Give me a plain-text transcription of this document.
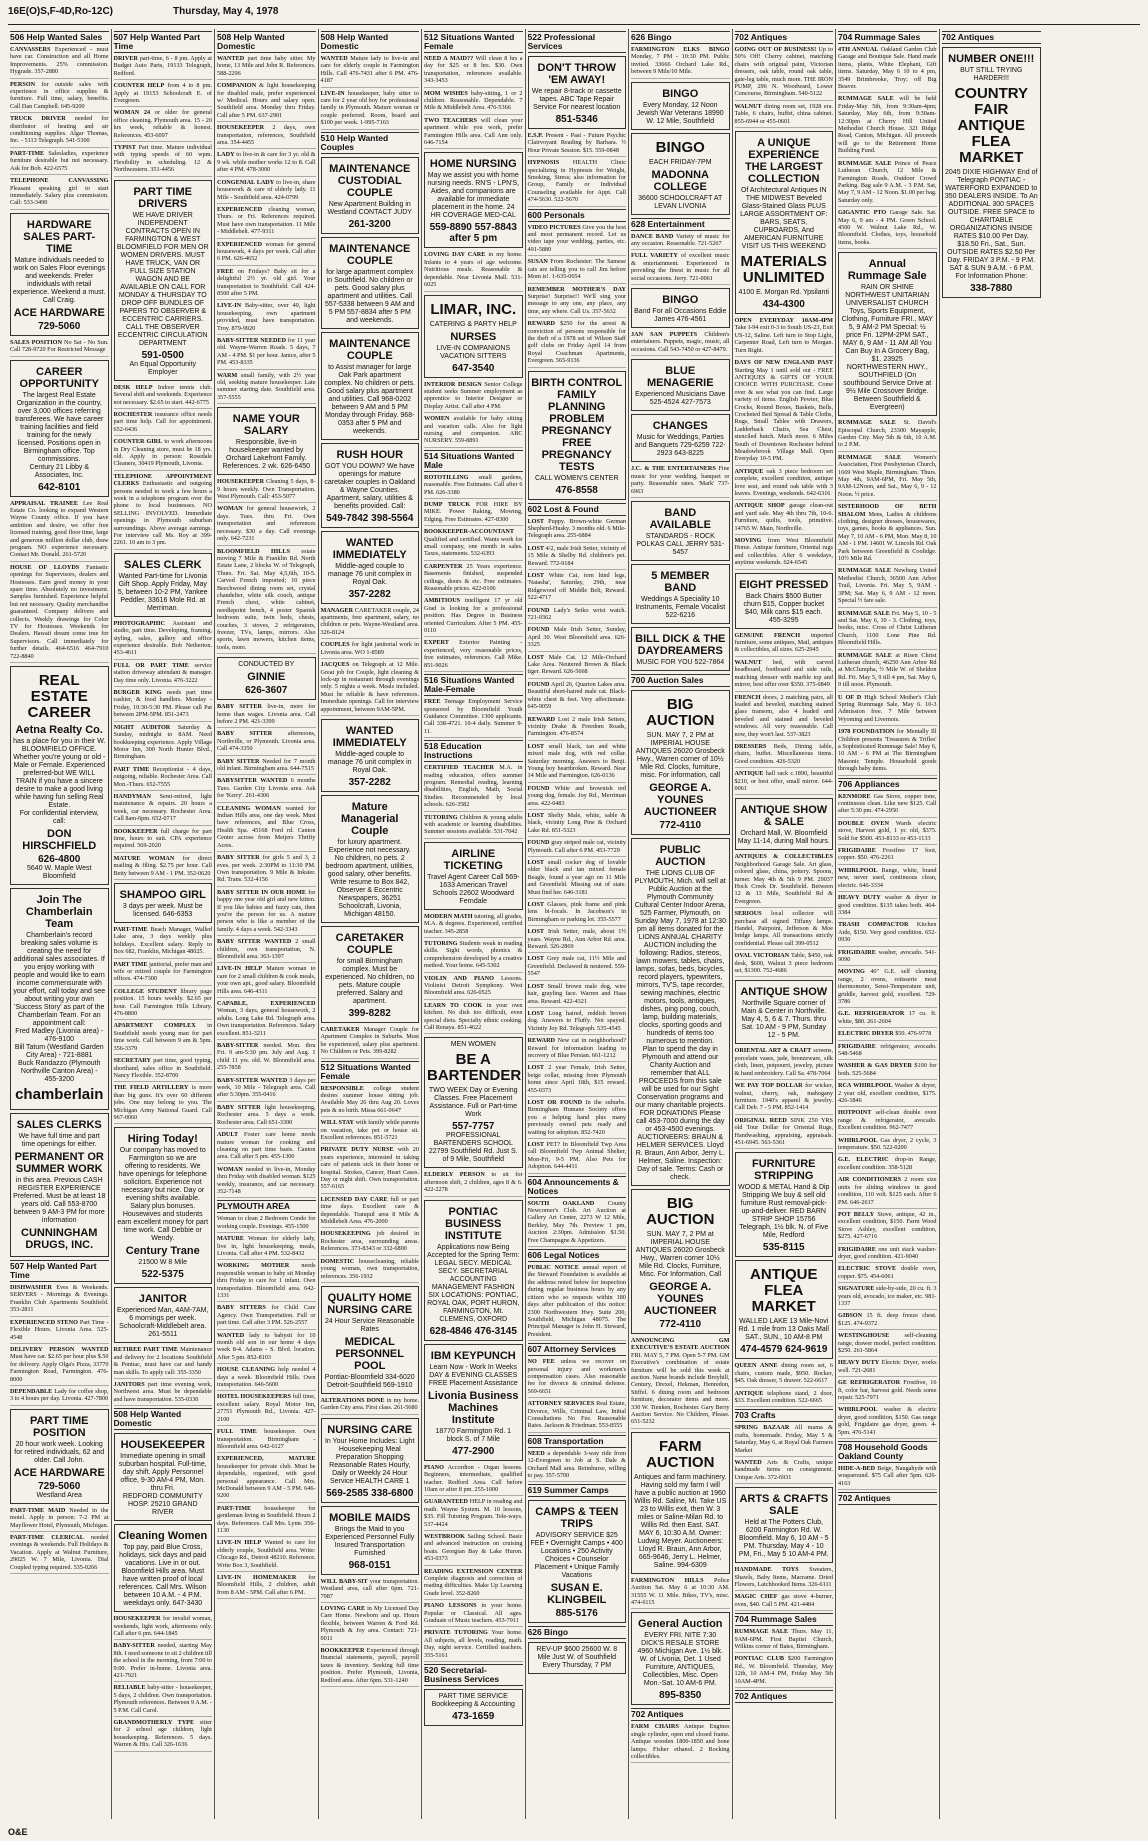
16E(O)S,F-4D,Ro-12C)	Thursday, May 4, 1978
506 Help Wanted Sales
CANVASSERS Experienced - must have car. Construction and all Home Improvements. 25% commission. Hygrade. 357-2880
PERSON for outside sales with experience in office supplies & furniture. Full time, salary, benefits. Call Dan Campbell. 645-9200
TRUCK DRIVER needed for distributor of heating and air conditioning supplies. Algar Thomas, Inc. - 5113 Telegraph. 541-5300
PART-TIME Salesladies, experience furniture desirable but not necessary. Ask for Bob. 422-6575
TELEPHONE CANVASSING Pleasant speaking girl to start immediately. Salary plus commission. Call: 533-3490
HARDWARE SALES PART-TIME
Mature individuals needed to work on Sales Floor evenings and weekends. Prefer individuals with retail experience. Weekend a must. Call Craig.
ACE HARDWARE
729-5060
SALES POSITION No Sat - No Sun. Call 728-9720 For Restricted Message
CAREER OPPORTUNITY
The largest Real Estate Organization in the country, over 3,000 offices referring transferees. We have career training facilities and field training for the newly licensed. Positions open in Birmingham office. Top commissions.
Century 21 Libby & Associates, Inc.
642-8101
APPRAISAL TRAINEE Lee Real Estate Co. looking to expand Western Wayne County office. If you have ambition and desire, we offer free licensed training, good floor time, large and generous million dollar club, draw program. NO experience necessary. Contact Mr. Donald. 261-5720
HOUSE OF LLOYDS Fantastic openings for Supervisors, dealers and Hostesses. Earn good money in your spare time. Absolutely no investment. Samples furnished. Experience helpful but not necessary. Quality merchandise guaranteed. Company delivers and collects. Weekly drawings for Color TV for Hostesses. Weekends for Dealers. Hawaii dream come true for Supervisors. Call immediately for further details. 464-6516 464-7910 722-8840
REAL ESTATE CAREER
Aetna Realty Co.
has a place for you in their W. BLOOMFIELD OFFICE. Whether you're young or old - Male or Female. Experienced preferred-but WE WILL TRAIN if you have a sincere desire to make a good living while having fun selling Real Estate.
For confidential interview, call:
DON HIRSCHFIELD
626-4800
5640 W. Maple West Bloomfield
Join The Chamberlain Team
Chamberlain's record breaking sales volume is creating the need for additional sales associates. If you enjoy working with people and would like to earn income commensurate with your effort, call today and see about writing your own 'Success Story' as part of the Chamberlain Team. For an appointment call:
Fred Madley (Livonia area) - 476-9100
Bill Tatum (Westland Garden City Area) - 721-8881
Buck Randazzo (Plymouth Northville Canton Area) - 455-3200
chamberlain
SALES CLERKS
We have full time and part time openings for either.
PERMANENT OR SUMMER WORK
in this area. Previous CASH REGISTER EXPERIENCE Preferred. Must be at least 18 years old. Call 553-8700 between 9 AM-3 PM for more information
CUNNINGHAM DRUGS, INC.
507 Help Wanted Part Time
DISHWASHER Eves & Weekends. SERVERS - Mornings & Evenings. Franklin Club Apartments Southfield. 353-2811
EXPERIENCED STENO Part Time - Flexible Hours. Livonia Area. 525-4548
DELIVERY PERSON WANTED Must have car. $2.65 per hour plus $.50 for delivery. Apply Olga's Pizza, 33770 Farmington Road, Farmington. 476-8000
DEPENDABLE Lady for coffee shop, 3 to 4 hours per day. Livonia. 427-7800
PART TIME POSITION
20 hour work week. Looking for retired individuals, 62 and older. Call John.
ACE HARDWARE
729-5060
Westland Area
PART-TIME MAID Needed in the motel. Apply in person: 7-2 PM at Mayflower Hotel, Plymouth, Michigan.
PART-TIME CLERICAL needed evenings & weekends. Full Holidays & Vacation. Apply at Walnut Furniture, 29025 W. 7 Mile, Livonia. Dial Coupled typing required. 535-0266
507 Help Wanted Part Time
DRIVER part-time, 6 - 8 pm. Apply at Budget Auto Parts, 19133 Telegraph, Redford.
COUNTER HELP from 4 to 8 pm. Apply at 19153 Schoolcraft E. of Evergreen.
WOMAN 24 or older for general office cleaning. Plymouth area. 15 - 20 hrs week, reliable & honest. References. 453-6097
TYPIST Part time. Mature individual with typing speeds of 60 wpm. Flexibility in scheduling. 12 & Northwestern. 351-4456
PART TIME DRIVERS
WE HAVE DRIVER INDEPENDENT CONTRACTS OPEN IN FARMINGTON & WEST BLOOMFIELD FOR MEN OR WOMEN DRIVERS. MUST HAVE TRUCK, VAN OR FULL SIZE STATION WAGON AND BE AVAILABLE ON CALL FOR MONDAY & THURSDAY TO DROP OFF BUNDLES OF PAPERS TO OBSERVER & ECCENTRIC CARRIERS.
CALL THE OBSERVER ECCENTRIC CIRCULATION DEPARTMENT
591-0500
An Equal Opportunity Employer
DESK HELP Indoor tennis club. Several shift and weekends. Experience not necessary. $2.65 to start. 442-6775
ROCHESTER insurance office needs part time help. Call for appointment. 652-6436
COUNTER GIRL to work afternoons in Dry Cleaning store, must be 18 yrs. old. Apply in person: Rosedale Cleaners, 30419 Plymouth, Livonia.
TELEPHONE APPOINTMENT CLERKS Enthusiastic and outgoing persons needed to work a few hours a week in a telephone program over the phone to local businesses. NO SELLING INVOLVED. Immediate openings in Plymouth suburban surroundings. Above average earnings. For interview call Ms. Roy at 399-2261. 10 am to 3 pm.
SALES CLERK
Wanted Part-time for Livonia Gift Shop. Apply Friday, May 5, between 10-2 PM, Yankee Peddler, 33616 Mole Rd. at Merriman.
PHOTOGRAPHIC Assistant and studio, part time. Developing, framing, styling, sales, gallery and office experience desirable. Bob Netherton. 453-4611
FULL OR PART TIME service station driveway attendant & manager. Day time only. Livonia. 476-3222
BURGER KING needs part time cashier, & food handlers. Monday - Friday, 10:30-5:30 PM. Please call Pat between 2PM-5PM. 851-2473
NIGHT AUDITOR Saturday & Sunday, midnight to 8AM. Need bookkeeping experience. Apply Village Motor Inn, 300 North Hunter Blvd., Birmingham.
PART TIME Receptionist - 4 days, outgoing, reliable. Rochester Area. Call Mon.-Thurs. 652-7555
HANDYMAN Semi-retired, light maintenance & repairs. 20 hours a week, car necessary. Rochester Area. Call 8am-6pm. 652-0717
BOOKKEEPER full charge for part time, hours to suit. CPA experience required. 569-2020
MATURE WOMAN for direct mailing & filing. $2.75 per hour. Call Betty between 9 AM - 1 PM. 352-0620
SHAMPOO GIRL
3 days per week. Must be licensed. 646-6353
PART-TIME Beach Manager, Walled Lake area, 3 days weekly plus holidays. Excellent salary. Reply to Box 682, Franklin, Michigan 48025.
PART TIME janitorial, prefer man and wife or retired couple for Farmington offices. 474-7300
COLLEGE STUDENT library page position. 15 hours weekly. $2.65 per hour. Call Farmington Hills Library. 476-8800
APARTMENT COMPLEX in Southfield needs young man for part time work. Call between 9 am & 5pm. 356-3379
SECRETARY part time, good typing, shorthand, sales office in Southfield. Nancy Flexible. 352-8700
THE FIELD ARTILLERY is more than big guns. It's over 60 different jobs. One may belong to you. The Michigan Army National Guard. Call 967-0060
Hiring Today!
Our company has moved to Farmington so we are offering to residents. We have openings for telephone solicitors. Experience not necessary but nice. Day or evening shifts available. Salary plus bonuses. Housewives and students earn excellent money for part time work. Call Debbie or Wendy.
Century Trane
21500 W 8 Mile
522-5375
JANITOR
Experienced Man, 4AM-7AM, 6 mornings per week. Schoolcraft-Middlebelt area. 261-5511
RETIREE PART TIME Maintenance and delivery for 2 locations Southfield & Pontiac, must have car and handy man skills. To apply call: 355-3350
JANITORS part time evening work, Northwest area. Must be dependable and have transportation. 535-0330
508 Help Wanted Domestic
HOUSEKEEPER
Immediate opening in small suburban hospital. Full-time, day shift. Apply Personnel office, 9-30 AM-4 PM, Mon. thru Fri.
REDFORD COMMUNITY HOSP. 25210 GRAND RIVER
Cleaning Women
Top pay, paid Blue Cross, holidays, sick days and paid vacations. Live in or out. Bloomfield Hills area. Must have written proof of local references. Call Mrs. Wilson between 10 A.M. - 4 P.M. weekdays only. 647-3430
HOUSEKEEPER for invalid woman, weekends, light work, afternoons only. Call after 6 pm. 644-1845
BABY-SITTER needed, starting May 8th. I need someone to sit 2 children till the school in the morning, from 7:00 to 9:00. Prefer in-home. Livonia area. 421-7921
RELIABLE baby-sitter - housekeeper, 5 days, 2 children. Own transportation. Plymouth references. Between 9 A.M. - 5 P.M. Call Carol.
GRANDMOTHERLY TYPE sitter for 2 school age children, light housekeeping. References. 5 days. Warren & Hix. Call 326-1636
508 Help Wanted Domestic
WANTED part time baby sitter. My home, 13 Mile and John R. References. 588-2296
COMPANION & light housekeeping for disabled male, prefer experienced w/ Medical. Hours and salary open. Southfield area. Monday thru Friday. Call after 5 PM. 637-2901
HOUSEKEEPER 2 days, own transportation, references, Southfield area. 354-4455
LADY to live-in & care for 3 yr. old & 9 wk. while mother works 12 to 8. Call after 4 PM. 478-3000
CONGENIAL LADY to live-in, share housework & care of elderly lady. 11 Mile - Southfield area. 424-0799
EXPERIENCED cleaning woman, Thurs. or Fri. References required. Must have own transportation. 11 Mile - Middlebelt. 477-9311
EXPERIENCED woman for general housework, 4 days per week. Call after 6 PM. 626-4652
FREE on Fridays? Baby sit for a delightful 2½ yr. old girl. Your transportation to Southfield. Call 424-8500 after 5 PM.
LIVE-IN Baby-sitter, over 40, light housekeeping, own apartment provided, must have transportation. Troy. 879-9920
BABY-SITTER NEEDED for 11 year old. Wayne-Warren Roads. 5 days, 7 AM - 4 PM. $1 per hour. Janice, after 5 PM. 453-8335
WARM small family, with 2½ year old, seeking mature housekeeper. Late summer starting date. Southfield area. 357-5555
NAME YOUR SALARY
Responsible, live-in housekeeper wanted by Orchard Lakefront Family. References. 2 wk. 626-6450
HOUSEKEEPER Cleaning 5 days, 8-9 hours weekly. Own Transportation. West Plymouth. Call: 453-5077
WOMAN for general housework, 2 days. Tues. thru Fri. Own transportation and references necessary. $30 a day. Call evenings only. 642-7231
BLOOMFIELD HILLS estate moving 7 Mile & Franklin Rd. North Estate Lane, 2 blocks W. of Telegraph, Thurs. Fri. Sat. May 4,5,6th, 10-5. Carved French imported; 10 piece Beechwood dining room set, crystal chandelier, white silk couch, antique French chest, white cabinet, needlepoint bench, 4 poster Spanish bedroom suite, twin beds, chests, couches, 3 stoves, 2 refrigerators, freezer, TVs, lamps, mirrors. Also sports, lawn mowers, kitchen items, tools, more.
CONDUCTED BY
GINNIE
626-3607
BABY SITTER live-in, more for home than wages. Livonia area. Call before 2 PM. 421-3399
BABY SITTER	afternoons, Northville, or Plymouth. Livonia area. Call 474-3350
BABY SITTER Needed for 7 month old infant. Birmingham area. 644-7515
BABYSITTER WANTED 6 months Tues. Garden City Livonia area. Ask for 'Kerry'. 261-4306
CLEANING WOMAN wanted for Indian Hills area, one day week. Must have references, and Blue Cross, Health Spa. 45168 Ford rd. Canton Center across from Meijers Thrifty Acres.
BABY SITTER for girls 5 and 3, 2 eves. per week. 2:30PM to 11:30 PM. Own transportation. 9 Mile & Inkster. Rd. Trans. 532-4156
BABY SITTER IN OUR HOME for happy one year old girl and new kitten. If you like babies and fuzzy cats, then you're the person for us. A mature person who is like a member of the family. 4 days a week. 542-3343
BABY SITTER WANTED 2 small children, own transportation, N. Bloomfield area. 363-1397
LIVE-IN HELP Mature woman to care for 2 small children & cook meals, your own apt., good salary. Bloomfield Hills area. 646-4311
CAPABLE, EXPERIENCED Woman, 3 days, general housework, 2 adults. Long Lake Rd. Telegraph area. Own transportation. References. Salary excellent. 851-3211
BABY-SITTER needed. Mon. thru Fri. 9 am-5:30 pm. July and Aug. 1 child 11 yrs. old. W. Bloomfield area. 255-7858
BABY-SITTER WANTED 3 days per week, 10 Mile - Telegraph area. Call after 5:30pm. 355-0416
BABY SITTER light housekeeping, Rochester area. 5 days a week. Rochester area. Call 651-3300
ADULT Foster care home needs mature woman for cooking and cleaning on part time basis. Canton area. Call after 5 pm. 455-1300
WOMAN needed to live-in, Monday thru Friday with disabled woman. $125 weekly, insurance, and car necessary. 352-7148
PLYMOUTH AREA
Woman to clean 2 Bedroom Condo for working couple. Evenings. 455-1500
MATURE Woman for elderly lady, live in, light housekeeping, meals, Livonia. Call after 4 PM. 532-8432
WORKING MOTHER needs responsible woman to baby sit Monday thru Friday to care for 1 infant. Own transportation. Bloomfield area. 642-1331
BABY SITTERS for Child Care Agency. Own Transportation. Full or part time. Call after 3 PM. 526-2557
WANTED lady to babysit for 10 month old son in our home 4 days week 8-4. Adams - S. Blvd. location. After 5 pm. 852-8103
HOUSE CLEANING help needed 4 days a week. Bloomfield Hills. Own transportation. 646-5600
HOTEL HOUSEKEEPERS full time, excellent salary. Royal Motor Inn, 27751 Plymouth Rd., Livonia. 427-2100
FULL TIME housekeeper. Own transportation. Birmingham - Bloomfield area. 642-6127
EXPERIENCED, MATURE housekeeper for private club. Must be dependable, organized, with good personal appearance. Call Mrs. McDonald between 9 AM - 5 PM. 646-9200
PART-TIME housekeeper for gentleman living in Southfield. Hours 2 days. References. Call Mrs. Lynn. 356-1130
LIVE-IN HELP Wanted to care for elderly couple, Southfield area. Write: Chicago Rd., Detroit 48210. Reference. Write Box 3, Southfield.
LIVE-IN HOMEMAKER for Bloomfield Hills, 2 children, adult from 8 AM - 5PM. Call after 6 PM.
508 Help Wanted Domestic
WANTED Mature lady to live-in and care for elderly couple in Farmington Hills. Call 476-7431 after 6 PM. 476-4187
LIVE-IN housekeeper, baby sitter to care for 2 year old boy for professional family in Plymouth. Mature woman or couple preferred. Room, board and $100 per week. 1-995-7163
510 Help Wanted Couples
MAINTENANCE CUSTODIAL COUPLE
New Apartment Building in Westland CONTACT JUDY
261-3200
MAINTENANCE COUPLE
for large apartment complex in Southfield. No children or pets. Good salary plus apartment and utilities. Call 557-5338 between 9 AM and 5 PM 557-8834 after 5 PM and weekends.
MAINTENANCE COUPLE
to Assist manager for large Oak Park apartment complex. No children or pets. Good salary plus apartment and utilities. Call 968-0202 between 9 AM and 5 PM Monday through Friday. 968-0353 after 5 PM and weekends.
RUSH HOUR
GOT YOU DOWN? We have openings for mature caretaker couples in Oakland & Wayne Counties. Apartment, salary, utilities & benefits provided. Call:
549-7842 398-5564
WANTED IMMEDIATELY
Middle-aged couple to manage 76 unit complex in Royal Oak.
357-2282
MANAGER CARETAKER couple, 24 apartments, free apartment, salary, no children or pets. Wayne-Westland area. 326-8124
COUPLES for light janitorial work in Livonia area. WO 1-8589
JACQUES on Telegraph at 12 Mile. Great job for Couple, light cleaning & lock-up in restaurant through evenings only. 5 nights a week. Meals included. Must be reliable & have references. Immediate openings. Call for interview appointment, between 9AM-5PM.
WANTED IMMEDIATELY
Middle-aged couple to manage 76 unit complex in Royal Oak.
357-2282
Mature Managerial Couple
for luxury apartment. Experience not necessary. No children, no pets. 2 bedroom apartment, utilities, good salary, other benefits. Write resume to Box 842, Observer & Eccentric Newspapers, 36251 Schoolcraft, Livonia, Michigan 48150.
CARETAKER COUPLE
for small Birmingham complex. Must be experienced. No children, no pets. Mature couple preferred. Salary and apartment.
399-8282
CARETAKER Manager Couple for Apartment Complex in Suburbs. Must be experienced, salary plus apartment. No Children or Pets. 399-8282
512 Situations Wanted Female
RESPONSIBLE college student desires summer house sitting job. Available May 26 thru Aug 20. Loves pets & no birth. Missa 661-0647
WILL STAY with family while parents on vacation, take pet or house sit. Excellent references. 851-5721
PRIVATE DUTY NURSE with 20 years experience, interested in taking care of patients sick in their home or hospital. Strokes, Cancer, Heart Cases. Day or night shift. Own transportation. 557-6165
LICENSED DAY CARE full or part time days. Excellent care & dependable. Tranquil area 8 Mile & Middlebelt Area. 476-2000
HOUSEKEEPING job desired in Rochester area, surrounding areas. References. 373-8343 or 332-6800
DOMESTIC housecleaning, reliable young woman, own transportation, references. 356-1932
QUALITY HOME NURSING CARE
24 Hour Service Reasonable Rates
MEDICAL PERSONNEL POOL
Pontiac-Bloomfield 334-6020 Detroit-Southfield 569-1910
ALTERATIONS DONE in my home. Garden City area. First class. 261-5680
NURSING CARE
In Your Home Includes: Light Housekeeping Meal Preparation Shopping Reasonable Rates Hourly, Daily or Weekly 24 Hour Service HEALTH CARE 1
569-2585 338-6800
MOBILE MAIDS
Brings the Maid to you Experienced Personnel Fully Insured Transportation Furnished
968-0151
WILL BABY-SIT your transportation. Westland area, call after 6pm. 721-7987
LOVING CARE in My Licensed Day Care Home. Newborn and up. Hours flexible, between Warren & Ford Rd. Plymouth & Joy area. Contact: 721-0011
BOOKKEEPER Experienced through financial statements, payroll, payroll taxes & inventory. Seeking full time position. Prefer Plymouth, Livonia, Redford area. After 6pm. 531-1240
512 Situations Wanted Female
NEED A MAID?? Will clean 8 hrs a day for $25 or 8 hrs. $30. Own transportation, references available. 343-3453
MOM WISHES baby-sitting, 1 or 2 children. Reasonable. Dependable. 7 Mile & Middlebelt Area. 476-5366
TWO TEACHERS will clean your apartment while you work, prefer Farmington Hills area. Call Ann only. 646-7154
HOME NURSING
May we assist you with home nursing needs. RN'S - LPN'S, Aides, and companions are available for immediate placement in the home. 24 HR COVERAGE MED-CAL
559-8890 557-8843 after 5 pm
LOVING DAY CARE in my home. Infants to 4 years of age welcome. Nutritious meals. Reasonable & dependable. Near Livonia Mall. 531-6025
LIMAR, INC.
CATERING & PARTY HELP
NURSES
LIVE-IN COMPANIONS VACATION SITTERS
647-3540
INTERIOR DESIGN Senior College student seeks Summer employment as apprentice to Interior Designer or Display Artist. Call after 4 PM.
WOMEN available for baby sitting and vacation calls. Also for light nursing and companion. ABC NURSERY. 559-8891
514 Situations Wanted Male
ROTOTILLING small gardens, reasonable. Free Estimates. Call after 6 PM. 626-3380
DUMP TRUCK FOR HIRE BY MIKE. Power Raking, Mowing, Edging. Free Estimates. 427-8300
BOOKKEEPER-ACCOUNTANT Qualified and certified. Wants work for small company, one month in sales. Taxes, statements. 532-6393
CARPENTER 25 Years experience. Basements finished, suspended ceilings, doors & etc. Free estimates. Reasonable prices. 422-0106
AMBITIOUS intelligent 17 yr old Grad is looking for a professional position. Has Degree in Business oriented Curriculum. After 5 PM. 455-0110
EXPERT Exterior Painting - experienced, very reasonable prices, free estimates, references. Call Mike. 851-9026
516 Situations Wanted Male-Female
FREE Teenage Employment Service sponsored by Bloomfield Youth Guidance Committee. 1300 applicants. Call 338-4721. 10-4 daily. Summer 9-11.
518 Education Instructions
CERTIFIED TEACHER M.A. in reading education, offers summer program. Remedial reading, learning disabilities, English, Math, Social Studies. Recommended by local schools. 626-3582
TUTORING Children & young adults with academic or learning disabilities. Summer sessions available. 531-7042
AIRLINE TICKETING
Travel Agent Career Call 569-1633 American Travel Schools 22602 Woodward Ferndale
MODERN MATH tutoring, all grades, M.A. & degrees. Experienced, certified teacher. 345-2858
TUTORING Students weak in reading skills. Sight words, phonics & comprehension developed by a creative method. Your home. 645-5302
VIOLIN AND PIANO Lessons. Violinist Detroit Symphony. West Bloomfield area. 626-0525
LEARN TO COOK in your own kitchen. No dish too difficult, even special diets. Specialty ethnic cooking. Call Renaya. 851-4622
MEN WOMEN
BE A BARTENDER
TWO WEEK Day or Evening Classes. Free Placement Assistance. Full or Part-time Work
557-7757
PROFESSIONAL BARTENDERS SCHOOL 22799 Southfield Rd. Just S. of 9 Mile, Southfield
ELDERLY PERSON to sit for afternoon shift, 2 children, ages 8 & 6. 422-2278
PONTIAC BUSINESS INSTITUTE
Applications now Being Accepted for the Spring Term: LEGAL SECY. MEDICAL SECY. SECRETARIAL ACCOUNTING MANAGEMENT FASHION
SIX LOCATIONS: PONTIAC, ROYAL OAK, PORT HURON, FARMINGTON, Mt. CLEMENS, OXFORD
628-4846 476-3145
IBM KEYPUNCH
Learn Now - Work In Weeks DAY & EVENING CLASSES FREE Placement Assistance
Livonia Business Machines Institute
18770 Farmington Rd. 1 block S. of 7 Mile
477-2900
PIANO Accordion - Organ lessons. Beginners, intermediate, qualified teacher. Redford Area. Call before 10am or after 8 pm. 255-1000
GUARANTEED HELP in reading and math. Wayne System. M. 10 lessons, $35. Fill Tutoring Program. Tele-ways. 537-4424
WESTBROOK Sailing School. Basic and advanced instruction on cruising boats. Georgian Bay & Lake Huron. 453-0373
READING EXTENSION CENTER Complete diagnosis and correction of reading difficulties. Make Up Learning Grade level. 352-8260
PIANO LESSONS in your home. Popular or Classical. All ages. Graduate of Music teachers. 453-7911
PRIVATE TUTORING Your home. All subjects, all levels, reading, math. Day, night service. Certified teachers. 355-5161
520 Secretarial-Business Services
PART TIME SERVICE Bookkeeping & Accounting
473-1659
522 Professional Services
DON'T THROW 'EM AWAY!
We repair 8-track or cassette tapes. ABC Tape Repair Service For nearest location
851-5346
E.S.P. Present - Past - Future Psychic Clairvoyant Reading by Barbara. ½ Hour Private Session. $15. 559-0848
HYPNOSIS HEALTH Clinic specializing in Hypnosis for Weight, Smoking, Stress; also information for Group, Family or Individual Counseling available for Appt. Call 474-5630. 522-5670
600 Personals
VIDEO PICTURES Give you the best and most permanent record. Let us video tape your wedding, parties, etc. 491-5880
SUSAN From Rochester: The Samese cats are telling you to call Jim before Mom is!. 1-635-0654
REMEMBER MOTHER'S DAY Surprise! Surprise!! We'll sing your message to any one, any place, any time, any where. Call Us. 357-5632
REWARD $250 for the arrest & conviction of persons responsible for the theft of a 1978 set of Wilson Staff golf clubs on Friday April 14 from Royal Coachman Apartments, Evergreen. 565-9136
BIRTH CONTROL FAMILY PLANNING PROBLEM PREGNANCY FREE PREGNANCY TESTS
CALL WOMEN'S CENTER
476-8558
602 Lost & Found
LOST Puppy. Brown-white German Shepherd-Husky. 3 months old. 6 Mile-Telegraph area. 255-6884
LOST 4/2, male Irish Setter, vicinity of 15 Mile & Shelby Rd. children's pet. Reward. 772-9184
LOST White Cat, torn hind legs, 'Natasha', Saturday, 29th, near Ridgewood off Middle Belt, Reward. 522-4717
FOUND Lady's Seiko wrist watch. 721-0362
FOUND Male Irish Setter, Sunday, April 30. West Bloomfield area. 626-3325
LOST Male Cat. 12 Mile-Orchard Lake Area. Neutered Brown & Black tiger. Reward. 626-5668
FOUND April 26, Quarton Lakes area. Beautiful short-haired male cat. Black-white chest & feet. Very affectionate. 645-9059
REWARD Lost 2 male Irish Setters, vicinity Drake & Freedom Roads, Farmington. 476-8574
LOST small black, tan and white mixed male dog, with red collar. Saturday morning. Answers to Benji. Young boy heartbroken. Reward. Near 14 Mile and Farmington. 626-0136
FOUND White and brownish red young dog, female. Joy Rd., Merriman area. 422-0483
LOST Shelty Male, white, sable & black, vicinity Long Pine & Orchard Lake Rd. 851-5323
FOUND gray striped male cat, vicinity Plymouth. Call after 6 PM. 453-7729
LOST small cocker dog of lovable older black and tan mixed female Beagle, found a year ago on 11 Mile and Greenfield. Missing out of state. Must find her. 646-3181
LOST Glasses, pink frame and pink lens bi-focals. In Jacobson's in Birmingham or parking lot. 355-5577
LOST Irish Setter, male, about 1½ years. Wayne Rd., Ann Arbor Rd. area. Reward. 326-2869
LOST Grey male cat, 11½ Mile and Greenfield. Declawed & neutered. 559-5547
LOST Small brown male dog, wire hair, grayling face. Warren and Haas area. Reward. 422-4321
LOST Long haired, reddish brown dog. Answers to Fluffy. Not spayed. Vicinity Joy Rd. Telegraph. 535-4545
REWARD New cat in neighborhood? Reward for information leading to recovery of Blue Persian. 661-1212
LOST 2 year Female, Irish Setter, beige collar, missing from Plymouth home since April 18th, $15 reward. 455-0373
LOST OR FOUND In the suburbs. Birmingham Humane Society offers you a helping hand plus many previously owned pets ready and waiting for adoption. 852-7420
LOST PET? In Bloomfield Twp Area call Bloomfield Twp Animal Shelter, Mon-Fri, 9-5 PM. Also Pets for Adoption. 644-4411
604 Announcements & Notices
SOUTH OAKLAND County Newcomer's Club. Art Auction at Gallery Art Center, 2273 W 12 Mile, Berkley, May 7th. Preview 1 pm, Auction 2:30pm. Admission $1.50. Free Champagne & Appetizers.
606 Legal Notices
PUBLIC NOTICE annual report of the Steward Foundation is available at the address noted below for inspection during regular business hours by any citizen who so requests within 180 days after publication of this notice: 2300 Northwestern Hwy. Suite 200, Southfield, Michigan 48075. The Principal Manager is John H. Steward, President.
607 Attorney Services
NO FEE unless we recover on personal injury and workmen's compensation cases. Also reasonable fee for divorce & criminal defense. 569-6651
ATTORNEY SERVICES Real Estate, Divorce, Wills, Criminal Law, Initial Consultations No Fee. Reasonable Rates. Jackson & Friedman. 553-8555
608 Transportation
NEED a dependable 3-way ride from 12-Evergreen to Job at S. Dale & Orchard Mall area. Reimburse, willing to pay. 357-5700
619 Summer Camps
CAMPS & TEEN TRIPS
ADVISORY SERVICE $25 FEE • Overnight Camps • 400 Locations • 250 Activity Choices • Counselor Placement • Unique Family Vacations
SUSAN E. KLINGBEIL
885-5176
626 Bingo
REV-UP $600 25600 W. 8 Mile Just W. of Southfield Every Thursday, 7 PM
626 Bingo
FARMINGTON ELKS BINGO Monday, 7 PM - 10:30 PM. Public invited. 33666 Orchard Lake Rd., between 9 Mile/10 Mile.
BINGO
Every Monday, 12 Noon Jewish War Veterans 18990 W. 12 Mile, Southfield
BINGO
EACH FRIDAY-7PM
MADONNA COLLEGE
36600 SCHOOLCRAFT AT LEVAN LIVONIA
628 Entertainment
DANCE BAND Variety of music for any occasion. Reasonable. 721-5267
FULL VARIETY of excellent music & entertainment. Experienced in providing the finest in music for all social occasions. Jerry. 721-0061
BINGO
Band For all Occasions Eddie James 476-4561
JAN SAN PUPPETS Children's entertainers. Puppets, magic, music, all occasions. Call 543-7450 or 427-8479.
BLUE MENAGERIE
Experienced Musicians Dave 525-4524 427-7573
CHANGES
Music for Weddings, Parties and Banquets 729-6259 722-2923 643-8225
J.C. & THE ENTERTAINERS Fine music for your wedding, banquet or party. Reasonable rates. 'Mark' 737-6963
BAND AVAILABLE
STANDARDS - ROCK POLKAS CALL JERRY 531-5457
5 MEMBER BAND
Weddings A Speciality 10 Instruments, Female Vocalist 522-6216
BILL DICK & THE DAYDREAMERS
MUSIC FOR YOU 522-7864
700 Auction Sales
BIG AUCTION
SUN. MAY 7, 2 PM at IMPERIAL HOUSE ANTIQUES 26020 Grosbeck Hwy., Warren corner of 10½ Mile Rd. Clocks, furniture, misc. For information, call
GEORGE A. YOUNES AUCTIONEER
772-4110
PUBLIC AUCTION
THE LIONS CLUB OF PLYMOUTH, Mich. will sell at Public Auction at the Plymouth Community Cultural Center Indoor Arena, 525 Farmer, Plymouth, on Sunday May 7, 1978 at 12:30 pm all items donated for the LIONS ANNUAL CHARITY AUCTION including the following: Radios, stereos, lawn mowers, tables, chairs, lamps, sofas, beds, bicycles, record players, typewriters, mirrors, TV'S, tape recorder, sewing machines, electric motors, tools, antiques, dishes, ping pong, couch, lamp, building materials, clocks, sporting goods and hundreds of items too numerous to mention.
Plan to spend the day in Plymouth and attend our Charity Auction and remember that ALL PROCEEDS from this sale will be used for our Sight Conservation programs and our many charitable projects. FOR DONATIONS Please call 453-7000 during the day or 453-4500 evenings. AUCTIONEERS: BRAUN & HELMER SERVICES. Lloyd R. Braun, Ann Arbor, Jerry L. Helmer, Saline. Inspection: Day of sale. Terms: Cash or check.
BIG AUCTION
SUN. MAY 7, 2 PM at IMPERIAL HOUSE ANTIQUES 26020 Grosbeck Hwy., Warren corner 10½ Mile Rd. Clocks, Furniture, Misc. For Information, Call
GEORGE A. YOUNES AUCTIONEER
772-4110
ANNOUNCING GM EXECUTIVE'S ESTATE AUCTION FRI. MAY 5, 7 PM. Open 5-7 PM. GM Executive's combination of estate furniture will be sold this week at auction. Name brands include Broyhill, Century, Drexel, Hekman, Henredon, Stiffel. 6 dining room and bedroom furniture, decorator items and more. 330 W. Tienken, Rochester. Gary Berry Auction Service. No Children, Please. 651-5232
FARM AUCTION
Antiques and farm machinery. Having sold my farm I will have a public auction at 1960 Willis Rd. Saline, Mi. Take US 23 to Willis exit, then W. 3 miles or Saline-Milan Rd. to Willis Rd. then East. SAT. MAY 6, 10:30 A.M. Owner: Ludwig Meyer. Auctioneers: Lloyd R. Braun, Ann Arbor, 665-9646, Jerry L. Helmer, Saline. 994-6309
FARMINGTON HILLS Police Auction Sat. May 6 at 10:30 AM. 31555 W. 11 Mile. Bikes, TV's, misc. 474-6115
General Auction
EVERY FRI. NITE 7:30 DICK'S RESALE STORE 4960 Michigan Ave. 1½ blk. W. of Livonia, Det. 1 Used Furniture, ANTIQUES, Collectibles, Misc. Open Mon.-Sat. 10 AM-6 PM.
895-8350
702 Antiques
FARM CHAIRS Antique Engines single cylinder, open end closed frame. Antique wooden 1800-1850 and bone lamps. Fisher ethanol. 2 Rocking collectibles.
702 Antiques
GOING OUT OF BUSINESS! Up to 50% Off! Cherry cabinet, matching chairs with original paint, Victorian dressers, oak table, round oak table, gate-leg table, much more. THE IRON PUMP, 296 N. Woodward, Lower Concourse, Birmingham. 540-5122
WALNUT dining room set, 1928 era. Table, 6 chairs, buffet, china cabinet. 855-6944 or 455-0601
A UNIQUE EXPERIENCE THE LARGEST COLLECTION
Of Architectural Antiques IN THE MIDWEST Beveled Glass-Stained Glass PLUS LARGE ASSORTMENT OF: BARS, SEATS, CUPBOARDS, And AMERICAN FURNITURE VISIT US THIS WEEKEND
MATERIALS UNLIMITED
4100 E. Morgan Rd. Ypsilanti
434-4300
OPEN EVERYDAY 10AM-4PM Take I-94 exit 0-3 to South US-23, Exit US-12, Saline. Left turn to Stop Light, Carpenter Road, Left turn to Morgan. Turn Right.
DAYS OF NEW ENGLAND PAST Starting May 1 until sold out - FREE ANTIQUES & GIFTS OF YOUR CHOICE WITH PURCHASE. Come over & see what you can find. Large variety of items. English Pewter, Blue Crocks, Round Boxes, Baskets, Bells, Crocheted Bed Spread & Table Cloths, Rugs, Small Tables with Drawers, Ladderback Chairs, Sea Chest, stenciled hutch. Much more. 6 Miles South of Downtown Rochester behind Meadowbrook Village Mall. Open Everyday 10-5 PM.
ANTIQUE oak 3 piece bedroom set complete, excellent condition, antique love seat, and round oak table with 3 leaves. Evenings, weekends. 642-6316
ANTIQUE SHOP garage clean-out and yard sale. May 4th thru 7th, 10-6. Furniture, quilts, tools, primitive. 14765 W. Main, Northville.
MOVING from West Bloomfield Home. Antique furniture, Oriental rugs and collectibles. After 6 weekdays, anytime weekends. 624-6545
EIGHT PRESSED
Back Chairs $500 Butter churn $15, Copper bucket $40, Milk cans $15 each. 455-3295
GENUINE FRENCH imported furniture, some antiques, Mail, antiques & collectibles, all sizes. 625-2945
WALNUT bed, with carved headboard, footboard and side rails, matching dresser with marble top and mirror, best offer over $350. 375-0849
FRENCH doors, 2 matching pairs, all leaded and beveled, matching stained glass transom, also 4 leaded and beveled and stained and beveled windows. All very reasonable. Call now, they won't last. 537-3823
DRESSERS Beds, Dining table, chairs, buffet. Miscellaneous items. Good condition. 426-5320
ANTIQUE hall rack c.1890, beautiful $210, or best offer, small mirror. 644-0061
ANTIQUE SHOW & SALE
Orchard Mall, W. Bloomfield May 11-14, during Mall hours.
ANTIQUES & COLLECTIBLES Neighborhood Garage Sale. Art glass, colored glass, china, pottery. Spoons, turner. May 4th & 5th 9 PM. 29037 Hock Creek Dr. Southfield. Between 12 & 13 Mile, Southfield Rd & Evergreen.
SERIOUS local collector will purchase all signed Tiffany lamps. Handel, Pairpoint, Jefferson & Moe bridge lamps. All transactions strictly confidential. Please call 399-0512
OVAL VICTORIAN Table, $450, oak desk, $600, Walnut 3 piece bedroom set, $1300. 752-4686
ANTIQUE SHOW
Northville Square corner of Main & Center in Northville. May 4, 5, 6 & 7. Thurs. thru Sat. 10 AM - 9 PM, Sunday 12 - 5 PM.
ORIENTAL ART & CRAFT screens, porcelain vases, jade, bronzeware, silk cloth, linen, potpourri, jewelry, picture & hand embroidery. Call Sa. 478-7064
WE PAY TOP DOLLAR for wicker, walnut, cherry, oak, mahogany furniture. 1940's apparel & jewelry. Call Deb. 7 - 5 PM. 852-1414
ORIGINAL REED SINK 250 YRS old Tour Dollar for Oriental Rugs, Handwashing, appraising, appraisals. 451-6945. 563-5361
FURNITURE STRIPPING
WOOD & METAL Hand & Dip Stripping We buy & sell old furniture Rust removal-pick-up-and-deliver. RED BARN STRIP SHOP 15756 Telegraph, 1½ blk. N. of Five Mile, Redford
535-8115
ANTIQUE FLEA MARKET
WALLED LAKE 13 Mile-Novi Rd. 1 mile from 13 Oaks Mall SAT., SUN., 10 AM-8 PM
474-4579 624-9619
QUEEN ANNE dining room set, 6 chairs, custom made, $950. Rocker, $45. Oak dresser, 5 drawer. 522-6617
ANTIQUE telephone stand, 2 door, $33. Excellent condition. 522-6665
703 Crafts
SPRING BAZAAR All mama & crafts, homemade. Friday, May 5 & Saturday, May 6, at Royal Oak Farmers Market
WANTED Arts & Crafts, unique handmade items on consignment. Unique Arts. 372-6931
ARTS & CRAFTS SALE
Held at The Potters Club, 6200 Farmington Rd. W. Bloomfield. May 6, 10 AM - 5 PM. Thursday, May 4 - 10 PM, Fri., May 5 10 AM-4 PM.
HANDMADE TOYS Sweaters, Shawls, Baby Items, Macrame. Dried Flowers, Latchhooked Items. 326-6111
MAGIC CHEF gas stove 4-burner, oven, $40. Call 5 PM. 421-4484
704 Rummage Sales
RUMMAGE SALE Thurs. May 11, 9AM-6PM. First Baptist Church, Wilkins corner of Bates, Birmingham.
PONTIAC CLUB $200 Farmington Rd., W. Bloomfield. Thursday, May 12th, 10 AM-4 PM, Friday May 5th 10AM-4PM.
702 Antiques
704 Rummage Sales
4TH ANNUAL Oakland Garden Club Garage and Boutique Sale. Hand made items, plants, White Elephant, Gift items. Saturday, May 6 10 to 4 pm, 3549 Brimbrooke, Troy; off Big Beaver.
RUMMAGE SALE will be held Friday-May 5th, from 9:30am-4pm; Saturday, May 6th, from 9:30am-12:30pm at Cherry Hill United Methodist Church House. 321 Ridge Road, Canton, Michigan. All proceeds will go to the Retirement Home Building Fund.
RUMMAGE SALE Prince of Peace Lutheran Church, 12 Mile & Farmington Roads. Outdoor Crowd Parking. Bag sale 9 A.M. - 3 P.M. Sat, May 7, 9 AM - 12 Noon. $1.00 per bag. Saturday only.
GIGANTIC PTO Garage Sale. Sat. May 6, 9 am - 4 PM. Green School. 4500 W. Walnut Lake Rd., W. Bloomfield. Clothes, toys, household items, books.
Annual Rummage Sale
RAIN OR SHINE NORTHWEST UNITARIAN UNIVERSALIST CHURCH Toys, Sports Equipment, Clothing, Furniture FRI., MAY 5, 9 AM-2 PM Special: ½ price Fri. 12PM-2PM SAT., MAY 6, 9 AM - 11 AM All You Can Buy In A Grocery Bag, $1. 23925 NORTHWESTERN HWY., SOUTHFIELD (On southbound Service Drive at 9½ Mile Crossover Bridge. Between Southfield & Evergreen)
RUMMAGE SALE St. David's Episcopal Church, 23300 Mayapple, Garden City. May 5th & 6th, 10 A.M. to 2 P.M.
RUMMAGE SALE Women's Association, First Presbyterian Church, 1669 West Maple, Birmingham. Thurs. May 4th, 9AM-6PM, Fri. May 5th, 9AM-12Noon, and Sat., May 6, 9 - 12 Noon. ½ price.
SISTERHOOD OF BETH SHALOM Mens, Ladies & childrens clothing, designer dresses, housewares, toys, games, books & appliances. Sun. May 7, 10 AM - 6 PM, Mon. May 8, 10 AM - 1 PM. 14601 W. Lincoln Rd. Oak Park between Greenfield & Coolidge. 10½ Mile Rd.
RUMMAGE SALE Newburg United Methodist Church, 36500 Ann Arbor Trail, Livonia. Fri. May 5, 9AM - 3PM; Sat. May 6, 9 AM - 12 noon. Special ½ fare sale.
RUMMAGE SALE Fri. May 5, 10 - 5 and Sat. May 6, 10 - 3. Clothing, toys, books, misc. Cross of Christ Lutheran Church, 1100 Lone Pine Rd. Bloomfield Hills.
RUMMAGE SALE at Risen Christ Lutheran church, 46250 Ann Arbor Rd at McClumpha, ½ Mile W. of Sheldon Rd. Fri. May 5, 9 till 4 pm, Sat. May 6, 9 till noon. Plymouth.
U OF D High School Mother's Club Spring Rummage Sale, May 6. 10-3 Admission free. 7 Mile between Wyoming and Livernois.
1978 FOUNDATION for Mentally Ill Children presents 'Treasures & Trifles' a Sophisticated Rummage Sale! May 6, 10 AM - 6 PM at The Birmingham Masonic Temple. Household goods through baby items.
706 Appliances
KENMORE Gas Stove, copper tone, continuous clean. Like new $125. Call after 5:30 pm. 474-2950
DOUBLE OVEN Wards electric stove, Harvest gold, 1 yr. old, $375. Sold for $500. 453-8133 or 453-1133
FRIGIDAIRE Frostfree 17 foot, copper. $50. 476-2261
WHIRLPOOL Range, white, brand new, never used, continuous clean, electric. 646-3334
HEAVY DUTY washer & dryer in good condition. $135 takes both. 464-3384
TRASH COMPACTOR Kitchen Aide, $150. Very good condition. 652-0930
FRIGIDAIRE washer, avocado. 541-9090
MOVING 40" G.E. self cleaning range, 2 ovens, rotisserie meat thermometer, Sensi-Temperature unit, griddle, harvest gold, excellent. 729-3786
G.E. REFRIGERATOR 17 cu. ft. white, $80. 261-2604
ELECTRIC DRYER $50. 476-9778
FRIGIDAIRE refrigerator, avocado. 548-5468
WASHER & GAS DRYER $100 for both. 525-5684
RCA WHIRLPOOL Washer & dryer, 2 year old, excellent condition, $175. 426-1846
HOTPOINT self-clean double oven range & refrigerator, avocado. Excellent condition. 962-7477
WHIRLPOOL Gas dryer, 2 cycle, 3 temperature. $50. 522-0200
G.E. ELECTRIC drop-in Range, excellent condition. 358-5128
AIR CONDITIONERS 2 room size units for sliding windows in good condition, 110 volt. $125 each. After 6 PM. 646-2617
POT BELLY Stove, antique, 42 in., excellent condition, $150. Farm Wood Stove Ashley, excellent condition, $275. 427-6716
FRIGIDAIRE one unit stack washer-dryer, good condition. 421-9040
ELECTRIC STOVE double oven, copper. $75. 454-6061
SIGNATURE side-by-side, 20 cu. ft. 3 years old, avocado, ice maker, etc. 981-1337
GIBSON 15 ft. deep freeze chest. $125. 474-9372
WESTINGHOUSE self-cleaning range, drawer model, perfect condition. $250. 261-5864
HEAVY DUTY Electric Dryer, works well. 721-2681
GE REFRIGERATOR Frostfree, 16 ft, color bar, harvest gold. Needs some repair. 525-7971
WHIRLPOOL washer & electric dryer, good condition, $150. Gas range gold, Frigidaire gas dryer, green. 4-5pm. 476-5141
708 Household Goods Oakland County
HIDE-A-BED Beige, Naugahyde with wraparound. $75 Call after 5pm. 626-4163
702 Antiques
702 Antiques
NUMBER ONE!!!
BUT STILL TRYING HARDER!!!
COUNTRY FAIR ANTIQUE FLEA MARKET
2045 DIXIE HIGHWAY End of Telegraph PONTIAC - WATERFORD EXPANDED to 350 DEALERS INSIDE. To An ADDITIONAL 300 SPACES OUTSIDE. FREE SPACE to CHARITABLE ORGANIZATIONS INSIDE RATES $10.00 Per Day. $18.50 Fri., Sat., Sun. OUTSIDE RATES $2.50 Per Day. FRIDAY 3 P.M. - 9 P.M. SAT & SUN 9 A.M. - 6 P.M. For Information Phone:
338-7880
O&E
